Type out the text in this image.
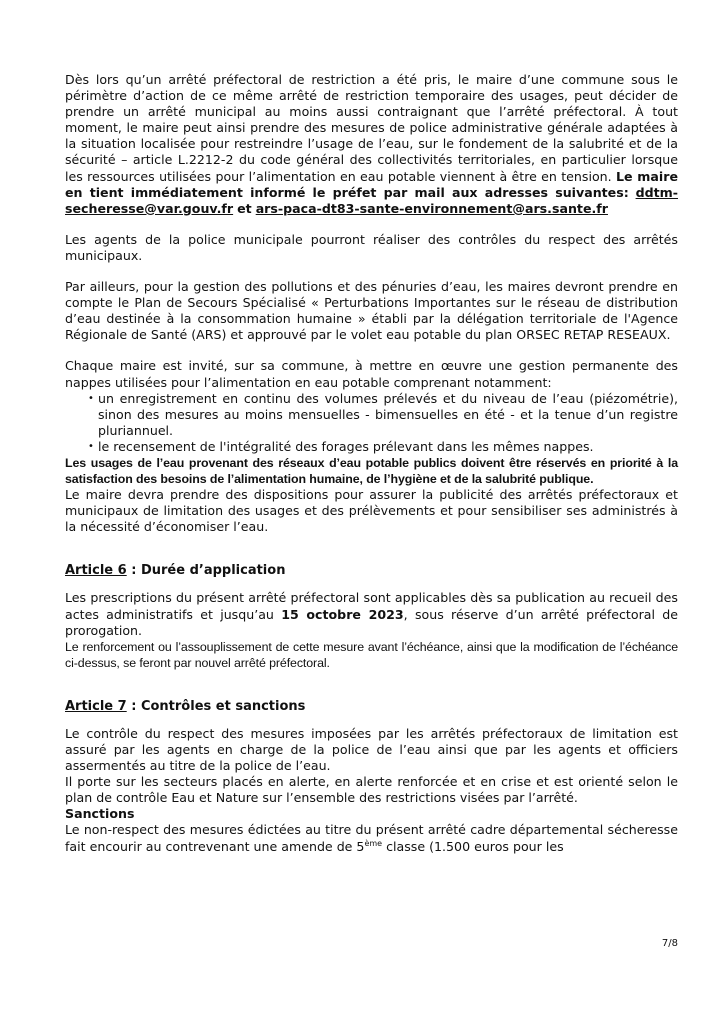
Dès lors qu’un arrêté préfectoral de restriction a été pris, le maire d’une commune sous le périmètre d’action de ce même arrêté de restriction temporaire des usages, peut décider de prendre un arrêté municipal au moins aussi contraignant que l’arrêté préfectoral. À tout moment, le maire peut ainsi prendre des mesures de police administrative générale adaptées à la situation localisée pour restreindre l’usage de l’eau, sur le fondement de la salubrité et de la sécurité – article L.2212-2 du code général des collectivités territoriales, en particulier lorsque les ressources utilisées pour l’alimentation en eau potable viennent à être en tension. Le maire en tient immédiatement informé le préfet par mail aux adresses suivantes: ddtm-secheresse@var.gouv.fr et ars-paca-dt83-sante-environnement@ars.sante.fr

Les agents de la police municipale pourront réaliser des contrôles du respect des arrêtés municipaux.

Par ailleurs, pour la gestion des pollutions et des pénuries d’eau, les maires devront prendre en compte le Plan de Secours Spécialisé « Perturbations Importantes sur le réseau de distribution d’eau destinée à la consommation humaine » établi par la délégation territoriale de l'Agence Régionale de Santé (ARS) et approuvé par le volet eau potable du plan ORSEC RETAP RESEAUX.

Chaque maire est invité, sur sa commune, à mettre en œuvre une gestion permanente des nappes utilisées pour l’alimentation en eau potable comprenant notamment:

• un enregistrement en continu des volumes prélevés et du niveau de l’eau (piézométrie), sinon des mesures au moins mensuelles - bimensuelles en été - et la tenue d’un registre pluriannuel.
• le recensement de l'intégralité des forages prélevant dans les mêmes nappes.

Les usages de l’eau provenant des réseaux d’eau potable publics doivent être réservés en priorité à la satisfaction des besoins de l’alimentation humaine, de l’hygiène et de la salubrité publique.

Le maire devra prendre des dispositions pour assurer la publicité des arrêtés préfectoraux et municipaux de limitation des usages et des prélèvements et pour sensibiliser ses administrés à la nécessité d’économiser l’eau.

Article 6 : Durée d’application

Les prescriptions du présent arrêté préfectoral sont applicables dès sa publication au recueil des actes administratifs et jusqu’au 15 octobre 2023, sous réserve d’un arrêté préfectoral de prorogation.

Le renforcement ou l’assouplissement de cette mesure avant l’échéance, ainsi que la modification de l’échéance ci-dessus, se feront par nouvel arrêté préfectoral.

Article 7 : Contrôles et sanctions

Le contrôle du respect des mesures imposées par les arrêtés préfectoraux de limitation est assuré par les agents en charge de la police de l’eau ainsi que par les agents et officiers assermentés au titre de la police de l’eau.

Il porte sur les secteurs placés en alerte, en alerte renforcée et en crise et est orienté selon le plan de contrôle Eau et Nature sur l’ensemble des restrictions visées par l’arrêté.

Sanctions

Le non-respect des mesures édictées au titre du présent arrêté cadre départemental sécheresse fait encourir au contrevenant une amende de 5ème classe (1.500 euros pour les

7/8
